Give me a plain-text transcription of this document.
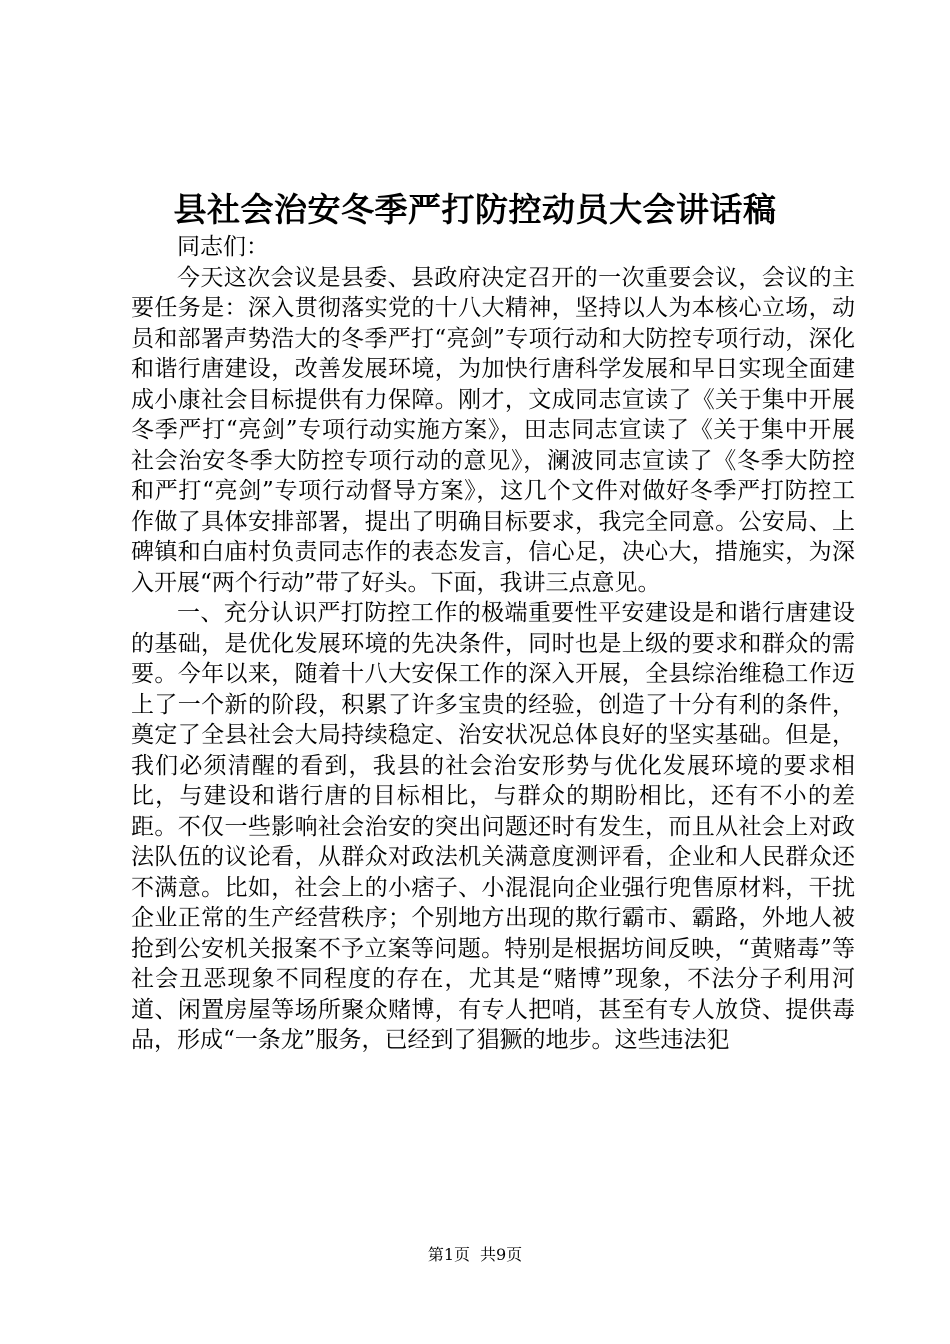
县社会治安冬季严打防控动员大会讲话稿

同志们：

今天这次会议是县委、县政府决定召开的一次重要会议，会议的主要任务是：深入贯彻落实党的十八大精神，坚持以人为本核心立场，动员和部署声势浩大的冬季严打“亮剑”专项行动和大防控专项行动，深化和谐行唐建设，改善发展环境，为加快行唐科学发展和早日实现全面建成小康社会目标提供有力保障。刚才，文成同志宣读了《关于集中开展冬季严打“亮剑”专项行动实施方案》，田志同志宣读了《关于集中开展社会治安冬季大防控专项行动的意见》，澜波同志宣读了《冬季大防控和严打“亮剑”专项行动督导方案》，这几个文件对做好冬季严打防控工作做了具体安排部署，提出了明确目标要求，我完全同意。公安局、上碑镇和白庙村负责同志作的表态发言，信心足，决心大，措施实，为深入开展“两个行动”带了好头。下面，我讲三点意见。

一、充分认识严打防控工作的极端重要性平安建设是和谐行唐建设的基础，是优化发展环境的先决条件，同时也是上级的要求和群众的需要。今年以来，随着十八大安保工作的深入开展，全县综治维稳工作迈上了一个新的阶段，积累了许多宝贵的经验，创造了十分有利的条件，奠定了全县社会大局持续稳定、治安状况总体良好的坚实基础。但是，我们必须清醒的看到，我县的社会治安形势与优化发展环境的要求相比，与建设和谐行唐的目标相比，与群众的期盼相比，还有不小的差距。不仅一些影响社会治安的突出问题还时有发生，而且从社会上对政法队伍的议论看，从群众对政法机关满意度测评看，企业和人民群众还不满意。比如，社会上的小痞子、小混混向企业强行兜售原材料，干扰企业正常的生产经营秩序；个别地方出现的欺行霸市、霸路，外地人被抢到公安机关报案不予立案等问题。特别是根据坊间反映，“黄赌毒”等社会丑恶现象不同程度的存在，尤其是“赌博”现象，不法分子利用河道、闲置房屋等场所聚众赌博，有专人把哨，甚至有专人放贷、提供毒品，形成“一条龙”服务，已经到了猖獗的地步。这些违法犯

第1页 共9页
